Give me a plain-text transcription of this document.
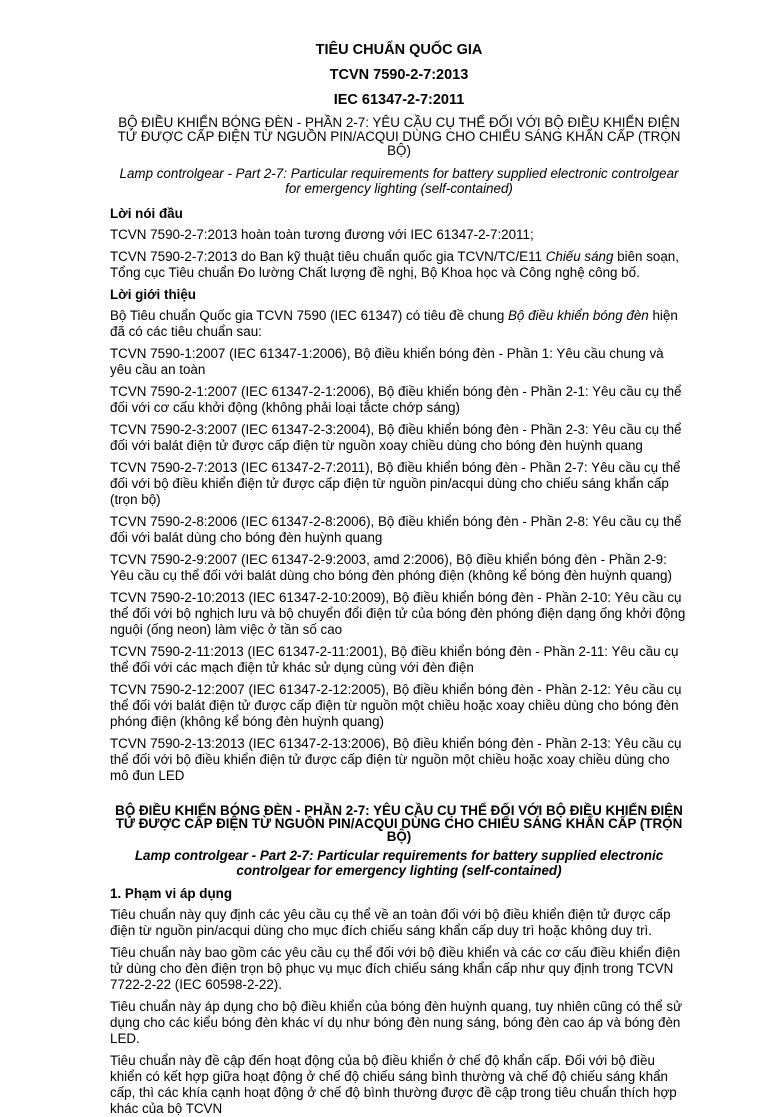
TIÊU CHUẨN QUỐC GIA
TCVN 7590-2-7:2013
IEC 61347-2-7:2011
BỘ ĐIỀU KHIỂN BÓNG ĐÈN - PHẦN 2-7: YÊU CẦU CỤ THỂ ĐỐI VỚI BỘ ĐIỀU KHIỂN ĐIỆN TỬ ĐƯỢC CẤP ĐIỆN TỪ NGUỒN PIN/ACQUI DÙNG CHO CHIẾU SÁNG KHẨN CẤP (TRỌN BỘ)
Lamp controlgear - Part 2-7: Particular requirements for battery supplied electronic controlgear for emergency lighting (self-contained)
Lời nói đầu

TCVN 7590-2-7:2013 hoàn toàn tương đương với IEC 61347-2-7:2011;

TCVN 7590-2-7:2013 do Ban kỹ thuật tiêu chuẩn quốc gia TCVN/TC/E11 Chiếu sáng biên soạn, Tổng cục Tiêu chuẩn Đo lường Chất lượng đề nghị, Bộ Khoa học và Công nghệ công bố.

Lời giới thiệu

Bộ Tiêu chuẩn Quốc gia TCVN 7590 (IEC 61347) có tiêu đề chung Bộ điều khiển bóng đèn hiện đã có các tiêu chuẩn sau:

TCVN 7590-1:2007 (IEC 61347-1:2006), Bộ điều khiển bóng đèn - Phần 1: Yêu cầu chung và yêu cầu an toàn

TCVN 7590-2-1:2007 (IEC 61347-2-1:2006), Bộ điều khiển bóng đèn - Phần 2-1: Yêu cầu cụ thể đối với cơ cấu khởi động (không phải loại tắcte chớp sáng)

TCVN 7590-2-3:2007 (IEC 61347-2-3:2004), Bộ điều khiển bóng đèn - Phần 2-3: Yêu cầu cụ thể đối với balát điện tử được cấp điện từ nguồn xoay chiều dùng cho bóng đèn huỳnh quang

TCVN 7590-2-7:2013 (IEC 61347-2-7:2011), Bộ điều khiển bóng đèn - Phần 2-7: Yêu cầu cụ thể đối với bộ điều khiển điện tử được cấp điện từ nguồn pin/acqui dùng cho chiếu sáng khẩn cấp (trọn bộ)

TCVN 7590-2-8:2006 (IEC 61347-2-8:2006), Bộ điều khiển bóng đèn - Phần 2-8: Yêu cầu cụ thể đối với balát dùng cho bóng đèn huỳnh quang

TCVN 7590-2-9:2007 (IEC 61347-2-9:2003, amd 2:2006), Bộ điều khiển bóng đèn - Phần 2-9: Yêu cầu cụ thể đối với balát dùng cho bóng đèn phóng điện (không kể bóng đèn huỳnh quang)

TCVN 7590-2-10:2013 (IEC 61347-2-10:2009), Bộ điều khiển bóng đèn - Phần 2-10: Yêu cầu cụ thể đối với bộ nghịch lưu và bộ chuyển đổi điện tử của bóng đèn phóng điện dạng ống khởi động nguội (ống neon) làm việc ở tần số cao

TCVN 7590-2-11:2013 (IEC 61347-2-11:2001), Bộ điều khiển bóng đèn - Phần 2-11: Yêu cầu cụ thể đối với các mạch điện tử khác sử dụng cùng với đèn điện

TCVN 7590-2-12:2007 (IEC 61347-2-12:2005), Bộ điều khiển bóng đèn - Phần 2-12: Yêu cầu cụ thể đối với balát điện tử được cấp điện từ nguồn một chiều hoặc xoay chiều dùng cho bóng đèn phóng điện (không kể bóng đèn huỳnh quang)

TCVN 7590-2-13:2013 (IEC 61347-2-13:2006), Bộ điều khiển bóng đèn - Phần 2-13: Yêu cầu cụ thể đối với bộ điều khiển điện tử được cấp điện từ nguồn một chiều hoặc xoay chiều dùng cho mô đun LED

BỘ ĐIỀU KHIỂN BÓNG ĐÈN - PHẦN 2-7: YÊU CẦU CỤ THỂ ĐỐI VỚI BỘ ĐIỀU KHIỂN ĐIỆN TỬ ĐƯỢC CẤP ĐIỆN TỪ NGUỒN PIN/ACQUI DÙNG CHO CHIẾU SÁNG KHẨN CẤP (TRỌN BỘ)
Lamp controlgear - Part 2-7: Particular requirements for battery supplied electronic controlgear for emergency lighting (self-contained)
1. Phạm vi áp dụng

Tiêu chuẩn này quy định các yêu cầu cụ thể về an toàn đối với bộ điều khiển điện tử được cấp điện từ nguồn pin/acqui dùng cho mục đích chiếu sáng khẩn cấp duy trì hoặc không duy trì.

Tiêu chuẩn này bao gồm các yêu cầu cụ thể đối với bộ điều khiển và các cơ cấu điều khiển điện tử dùng cho đèn điện trọn bộ phục vụ mục đích chiếu sáng khẩn cấp như quy định trong TCVN 7722-2-22 (IEC 60598-2-22).

Tiêu chuẩn này áp dụng cho bộ điều khiển của bóng đèn huỳnh quang, tuy nhiên cũng có thể sử dụng cho các kiểu bóng đèn khác ví dụ như bóng đèn nung sáng, bóng đèn cao áp và bóng đèn LED.

Tiêu chuẩn này đề cập đến hoạt động của bộ điều khiển ở chế độ khẩn cấp. Đối với bộ điều khiển có kết hợp giữa hoạt động ở chế độ chiếu sáng bình thường và chế độ chiếu sáng khẩn cấp, thì các khía cạnh hoạt động ở chế độ bình thường được đề cập trong tiêu chuẩn thích hợp khác của bộ TCVN
